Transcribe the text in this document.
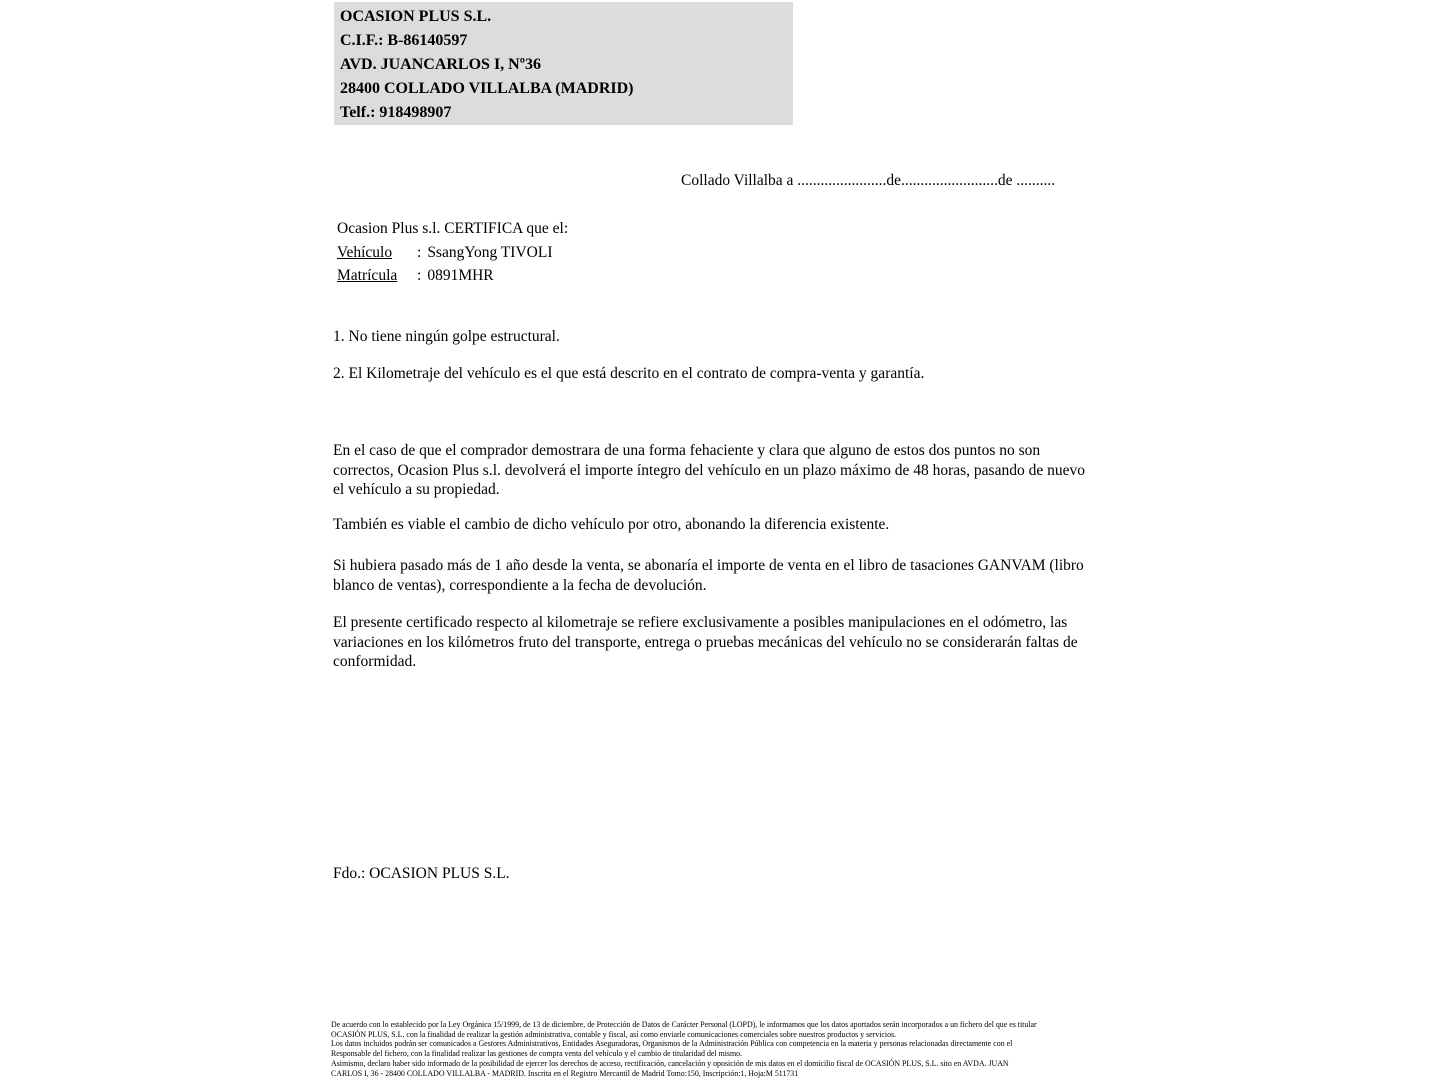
OCASION PLUS S.L.
C.I.F.: B-86140597
AVD. JUANCARLOS I, Nº36
28400 COLLADO VILLALBA (MADRID)
Telf.: 918498907
Collado Villalba a .......................de.........................de ..........
Ocasion Plus s.l. CERTIFICA que el:
Vehículo	: SsangYong TIVOLI
Matrícula	: 0891MHR
1. No tiene ningún golpe estructural.
2. El Kilometraje del vehículo es el que está descrito en el contrato de compra-venta y garantía.
En el caso de que el comprador demostrara de una forma fehaciente y clara que alguno de estos dos puntos no son correctos, Ocasion Plus s.l. devolverá el importe íntegro del vehículo en un plazo máximo de 48 horas, pasando de nuevo el vehículo a su propiedad.
También es viable el cambio de dicho vehículo por otro, abonando la diferencia existente.
Si hubiera pasado más de 1 año desde la venta, se abonaría el importe de venta en el libro de tasaciones GANVAM (libro blanco de ventas), correspondiente a la fecha de devolución.
El presente certificado respecto al kilometraje se refiere exclusivamente a posibles manipulaciones en el odómetro, las variaciones en los kilómetros fruto del transporte, entrega o pruebas mecánicas del vehículo no se considerarán faltas de conformidad.
Fdo.: OCASION PLUS S.L.
De acuerdo con lo establecido por la Ley Orgánica 15/1999, de 13 de diciembre, de Protección de Datos de Carácter Personal (LOPD), le informamos que los datos aportados serán incorporados a un fichero del que es titular
OCASIÓN PLUS, S.L. con la finalidad de realizar la gestión administrativa, contable y fiscal, así como enviarle comunicaciones comerciales sobre nuestros productos y servicios.
Los datos incluidos podrán ser comunicados a Gestores Administrativos, Entidades Aseguradoras, Organismos de la Administración Pública con competencia en la materia y personas relacionadas directamente con el
Responsable del fichero, con la finalidad realizar las gestiones de compra venta del vehículo y el cambio de titularidad del mismo.
Asimismo, declaro haber sido informado de la posibilidad de ejercer los derechos de acceso, rectificación, cancelación y oposición de mis datos en el domicilio fiscal de OCASIÓN PLUS, S.L. sito en AVDA. JUAN
CARLOS I, 36 - 28400 COLLADO VILLALBA - MADRID. Inscrita en el Registro Mercantil de Madrid Tomo:150, Inscripción:1, Hoja:M 511731
